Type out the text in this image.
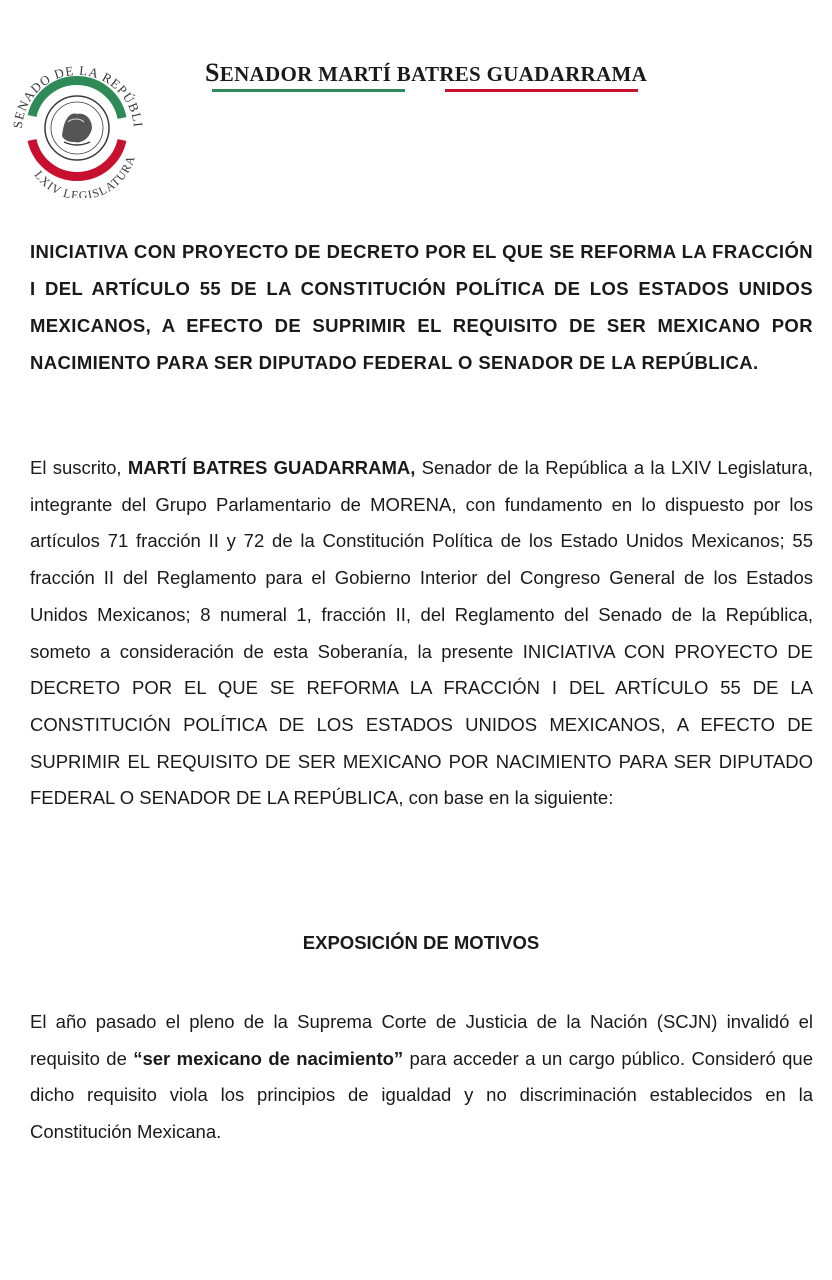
SENADO DE LA REPÚBLI
LXIV LEGISLATURA
SENADOR MARTÍ BATRES GUADARRAMA

INICIATIVA CON PROYECTO DE DECRETO POR EL QUE SE REFORMA LA FRACCIÓN I DEL ARTÍCULO 55 DE LA CONSTITUCIÓN POLÍTICA DE LOS ESTADOS UNIDOS MEXICANOS, A EFECTO DE SUPRIMIR EL REQUISITO DE SER MEXICANO POR NACIMIENTO PARA SER DIPUTADO FEDERAL O SENADOR DE LA REPÚBLICA.

El suscrito, MARTÍ BATRES GUADARRAMA, Senador de la República a la LXIV Legislatura, integrante del Grupo Parlamentario de MORENA, con fundamento en lo dispuesto por los artículos 71 fracción II y 72 de la Constitución Política de los Estado Unidos Mexicanos; 55 fracción II del Reglamento para el Gobierno Interior del Congreso General de los Estados Unidos Mexicanos; 8 numeral 1, fracción II, del Reglamento del Senado de la República, someto a consideración de esta Soberanía, la presente INICIATIVA CON PROYECTO DE DECRETO POR EL QUE SE REFORMA LA FRACCIÓN I DEL ARTÍCULO 55 DE LA CONSTITUCIÓN POLÍTICA DE LOS ESTADOS UNIDOS MEXICANOS, A EFECTO DE SUPRIMIR EL REQUISITO DE SER MEXICANO POR NACIMIENTO PARA SER DIPUTADO FEDERAL O SENADOR DE LA REPÚBLICA, con base en la siguiente:

EXPOSICIÓN DE MOTIVOS

El año pasado el pleno de la Suprema Corte de Justicia de la Nación (SCJN) invalidó el requisito de “ser mexicano de nacimiento” para acceder a un cargo público. Consideró que dicho requisito viola los principios de igualdad y no discriminación establecidos en la Constitución Mexicana.
